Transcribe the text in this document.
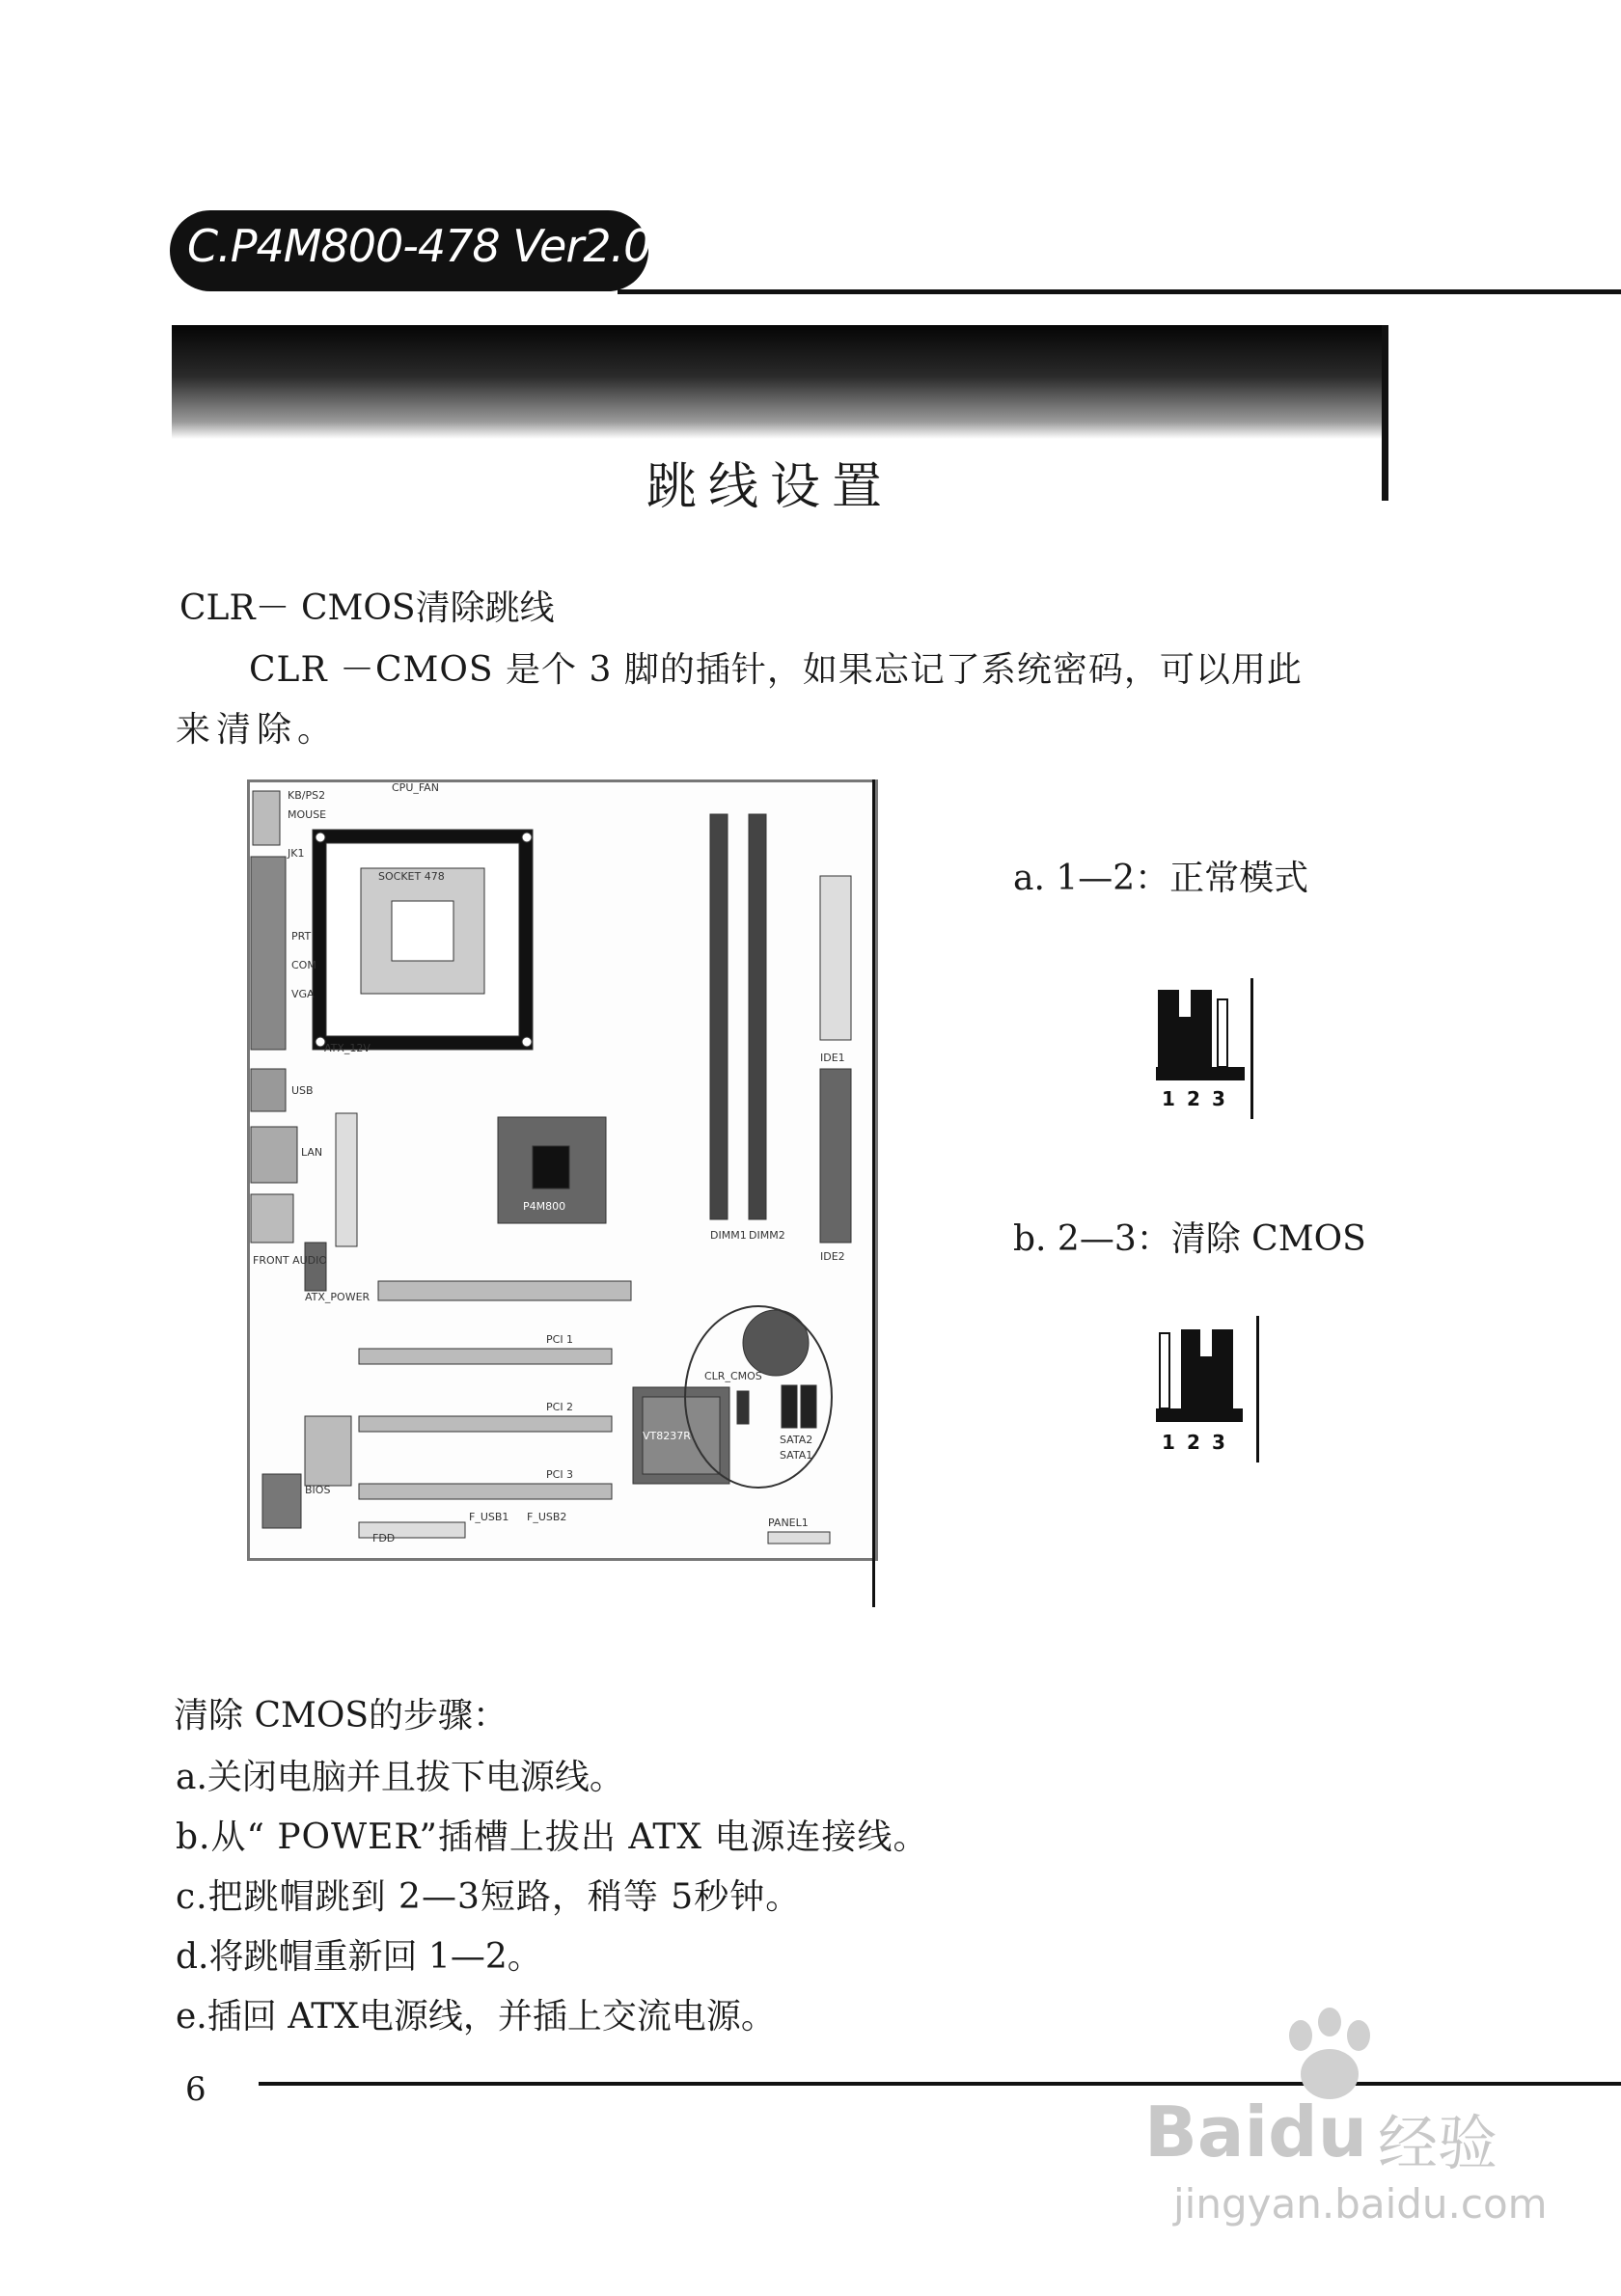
C.P4M800-478 Ver2.0
跳线设置
CLR－ CMOS清除跳线
CLR －CMOS 是个 3 脚的插针，如果忘记了系统密码，可以用此
来清除。
KB/PS2
MOUSE
JK1
PRT
COM
VGA
ATX_12V
USB
LAN
FRONT AUDIO
CPU_FAN
SOCKET 478
P4M800
VT8237R
DIMM1 DIMM2
IDE1
IDE2
PCI 1
PCI 2
PCI 3
CLR_CMOS
SATA2
SATA1
F_USB1 F_USB2	PANEL1
BIOS
FDD
ATX_POWER
a. 1—2：正常模式
1 2 3
b. 2—3：清除 CMOS
1 2 3
清除 CMOS的步骤：
a.关闭电脑并且拔下电源线。
b.从“ POWER”插槽上拔出 ATX 电源连接线。
c.把跳帽跳到 2—3短路，稍等 5秒钟。
d.将跳帽重新回 1—2。
e.插回 ATX电源线，并插上交流电源。
6
Baidu 经验
jingyan.baidu.com
